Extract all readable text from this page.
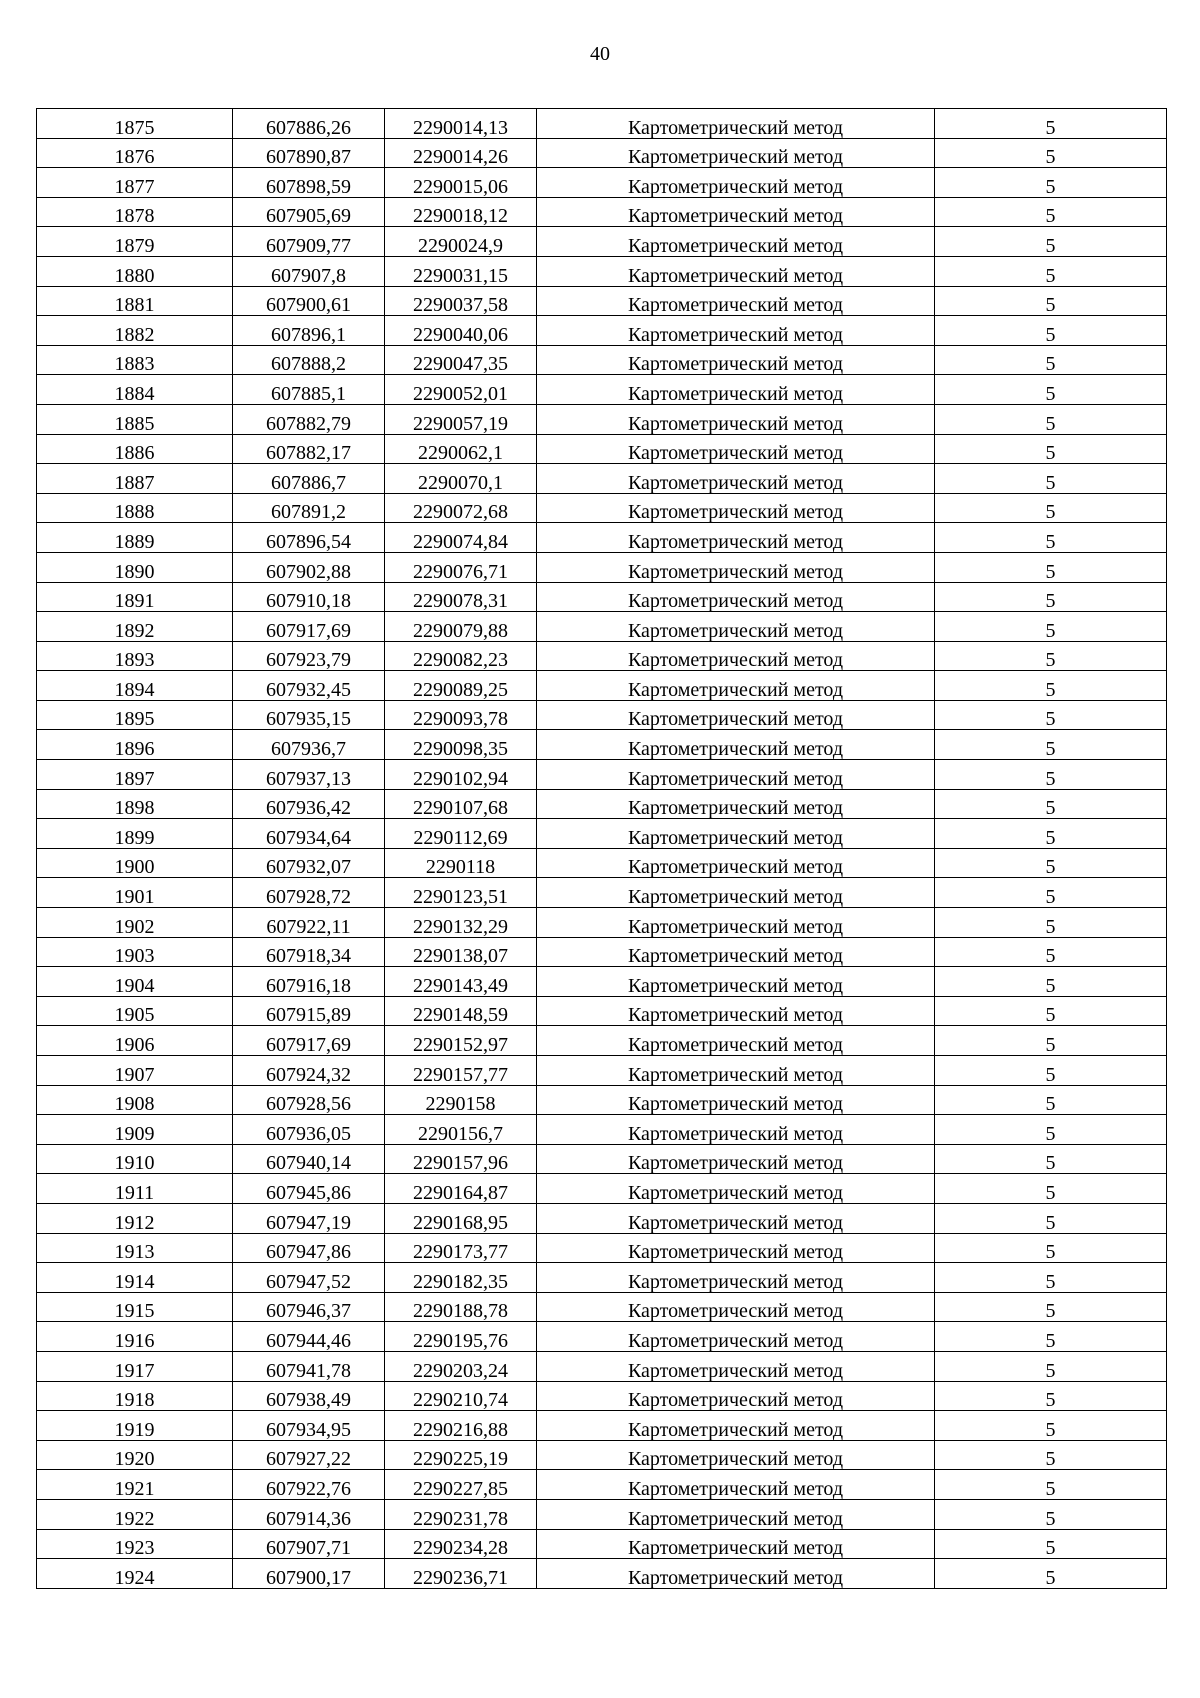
40
1875	607886,26	2290014,13	Картометрический метод	5
1876	607890,87	2290014,26	Картометрический метод	5
1877	607898,59	2290015,06	Картометрический метод	5
1878	607905,69	2290018,12	Картометрический метод	5
1879	607909,77	2290024,9	Картометрический метод	5
1880	607907,8	2290031,15	Картометрический метод	5
1881	607900,61	2290037,58	Картометрический метод	5
1882	607896,1	2290040,06	Картометрический метод	5
1883	607888,2	2290047,35	Картометрический метод	5
1884	607885,1	2290052,01	Картометрический метод	5
1885	607882,79	2290057,19	Картометрический метод	5
1886	607882,17	2290062,1	Картометрический метод	5
1887	607886,7	2290070,1	Картометрический метод	5
1888	607891,2	2290072,68	Картометрический метод	5
1889	607896,54	2290074,84	Картометрический метод	5
1890	607902,88	2290076,71	Картометрический метод	5
1891	607910,18	2290078,31	Картометрический метод	5
1892	607917,69	2290079,88	Картометрический метод	5
1893	607923,79	2290082,23	Картометрический метод	5
1894	607932,45	2290089,25	Картометрический метод	5
1895	607935,15	2290093,78	Картометрический метод	5
1896	607936,7	2290098,35	Картометрический метод	5
1897	607937,13	2290102,94	Картометрический метод	5
1898	607936,42	2290107,68	Картометрический метод	5
1899	607934,64	2290112,69	Картометрический метод	5
1900	607932,07	2290118	Картометрический метод	5
1901	607928,72	2290123,51	Картометрический метод	5
1902	607922,11	2290132,29	Картометрический метод	5
1903	607918,34	2290138,07	Картометрический метод	5
1904	607916,18	2290143,49	Картометрический метод	5
1905	607915,89	2290148,59	Картометрический метод	5
1906	607917,69	2290152,97	Картометрический метод	5
1907	607924,32	2290157,77	Картометрический метод	5
1908	607928,56	2290158	Картометрический метод	5
1909	607936,05	2290156,7	Картометрический метод	5
1910	607940,14	2290157,96	Картометрический метод	5
1911	607945,86	2290164,87	Картометрический метод	5
1912	607947,19	2290168,95	Картометрический метод	5
1913	607947,86	2290173,77	Картометрический метод	5
1914	607947,52	2290182,35	Картометрический метод	5
1915	607946,37	2290188,78	Картометрический метод	5
1916	607944,46	2290195,76	Картометрический метод	5
1917	607941,78	2290203,24	Картометрический метод	5
1918	607938,49	2290210,74	Картометрический метод	5
1919	607934,95	2290216,88	Картометрический метод	5
1920	607927,22	2290225,19	Картометрический метод	5
1921	607922,76	2290227,85	Картометрический метод	5
1922	607914,36	2290231,78	Картометрический метод	5
1923	607907,71	2290234,28	Картометрический метод	5
1924	607900,17	2290236,71	Картометрический метод	5
